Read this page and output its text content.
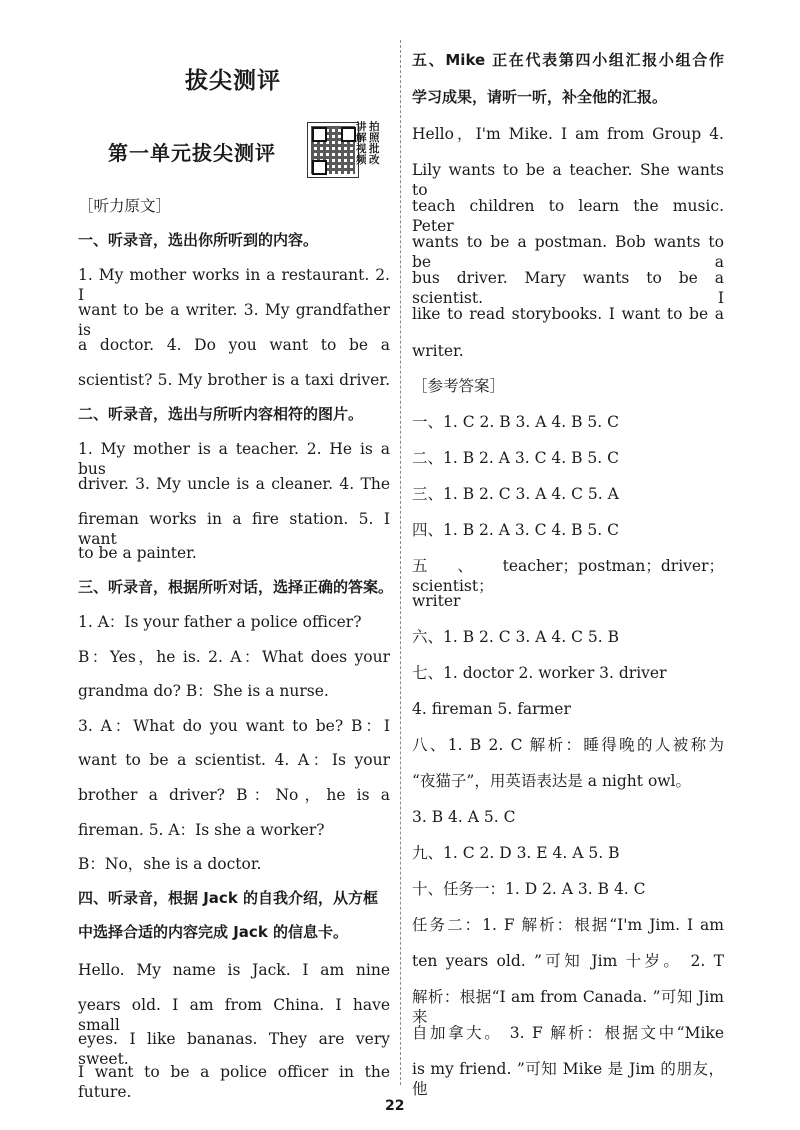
拔尖测评
第一单元拔尖测评
讲 拍
解 照
视 批
频 改
［听力原文］
一、听录音，选出你所听到的内容。
1. My mother works in a restaurant. 2. I
want to be a writer. 3. My grandfather is
a doctor. 4. Do you want to be a
scientist? 5. My brother is a taxi driver.
二、听录音，选出与所听内容相符的图片。
1. My mother is a teacher. 2. He is a bus
driver. 3. My uncle is a cleaner. 4. The
fireman works in a fire station. 5. I want
to be a painter.
三、听录音，根据所听对话，选择正确的答案。
1. A：Is your father a police officer?
B：Yes，he is. 2. A：What does your
grandma do? B：She is a nurse.
3. A：What do you want to be? B：I
want to be a scientist. 4. A：Is your
brother a driver? B：No，he is a
fireman. 5. A：Is she a worker?
B：No，she is a doctor.
四、听录音，根据 Jack 的自我介绍，从方框
中选择合适的内容完成 Jack 的信息卡。
Hello. My name is Jack. I am nine
years old. I am from China. I have small
eyes. I like bananas. They are very sweet.
I want to be a police officer in the future.
五、Mike 正在代表第四小组汇报小组合作
学习成果，请听一听，补全他的汇报。
Hello，I'm Mike. I am from Group 4.
Lily wants to be a teacher. She wants to
teach children to learn the music. Peter
wants to be a postman. Bob wants to be a
bus driver. Mary wants to be a scientist. I
like to read storybooks. I want to be a
writer.
［参考答案］
一、1. C 2. B 3. A 4. B 5. C
二、1. B 2. A 3. C 4. B 5. C
三、1. B 2. C 3. A 4. C 5. A
四、1. B 2. A 3. C 4. B 5. C
五、teacher；postman；driver；scientist；
writer
六、1. B 2. C 3. A 4. C 5. B
七、1. doctor 2. worker 3. driver
4. fireman 5. farmer
八、1. B 2. C 解析：睡得晚的人被称为
“夜猫子”，用英语表达是 a night owl。
3. B 4. A 5. C
九、1. C 2. D 3. E 4. A 5. B
十、任务一：1. D 2. A 3. B 4. C
任务二：1. F 解析：根据“I'm Jim. I am
ten years old. ”可知 Jim 十岁。 2. T
解析：根据“I am from Canada. ”可知 Jim 来
自加拿大。 3. F 解析：根据文中“Mike
is my friend. ”可知 Mike 是 Jim 的朋友，他
22
